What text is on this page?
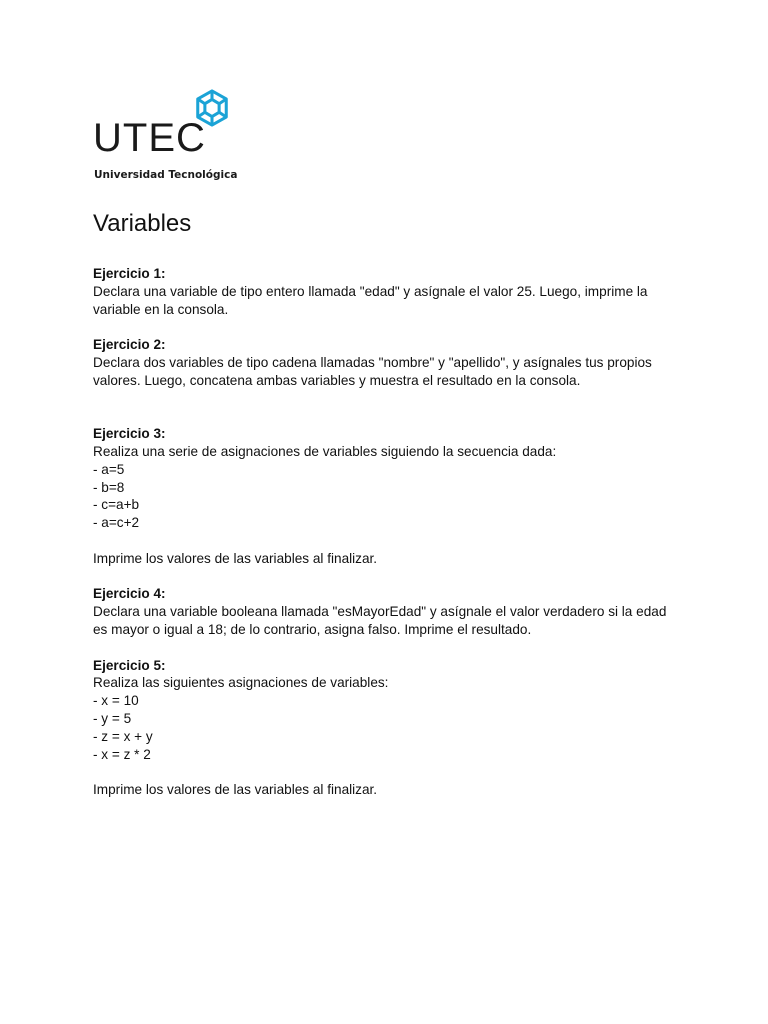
UTEC
Universidad Tecnológica
Variables
Ejercicio 1:
Declara una variable de tipo entero llamada "edad" y asígnale el valor 25. Luego, imprime la variable en la consola.
Ejercicio 2:
Declara dos variables de tipo cadena llamadas "nombre" y "apellido", y asígnales tus propios valores. Luego, concatena ambas variables y muestra el resultado en la consola.
Ejercicio 3:
Realiza una serie de asignaciones de variables siguiendo la secuencia dada:
- a=5
- b=8
- c=a+b
- a=c+2
Imprime los valores de las variables al finalizar.
Ejercicio 4:
Declara una variable booleana llamada "esMayorEdad" y asígnale el valor verdadero si la edad es mayor o igual a 18; de lo contrario, asigna falso. Imprime el resultado.
Ejercicio 5:
Realiza las siguientes asignaciones de variables:
- x = 10
- y = 5
- z = x + y
- x = z * 2
Imprime los valores de las variables al finalizar.
